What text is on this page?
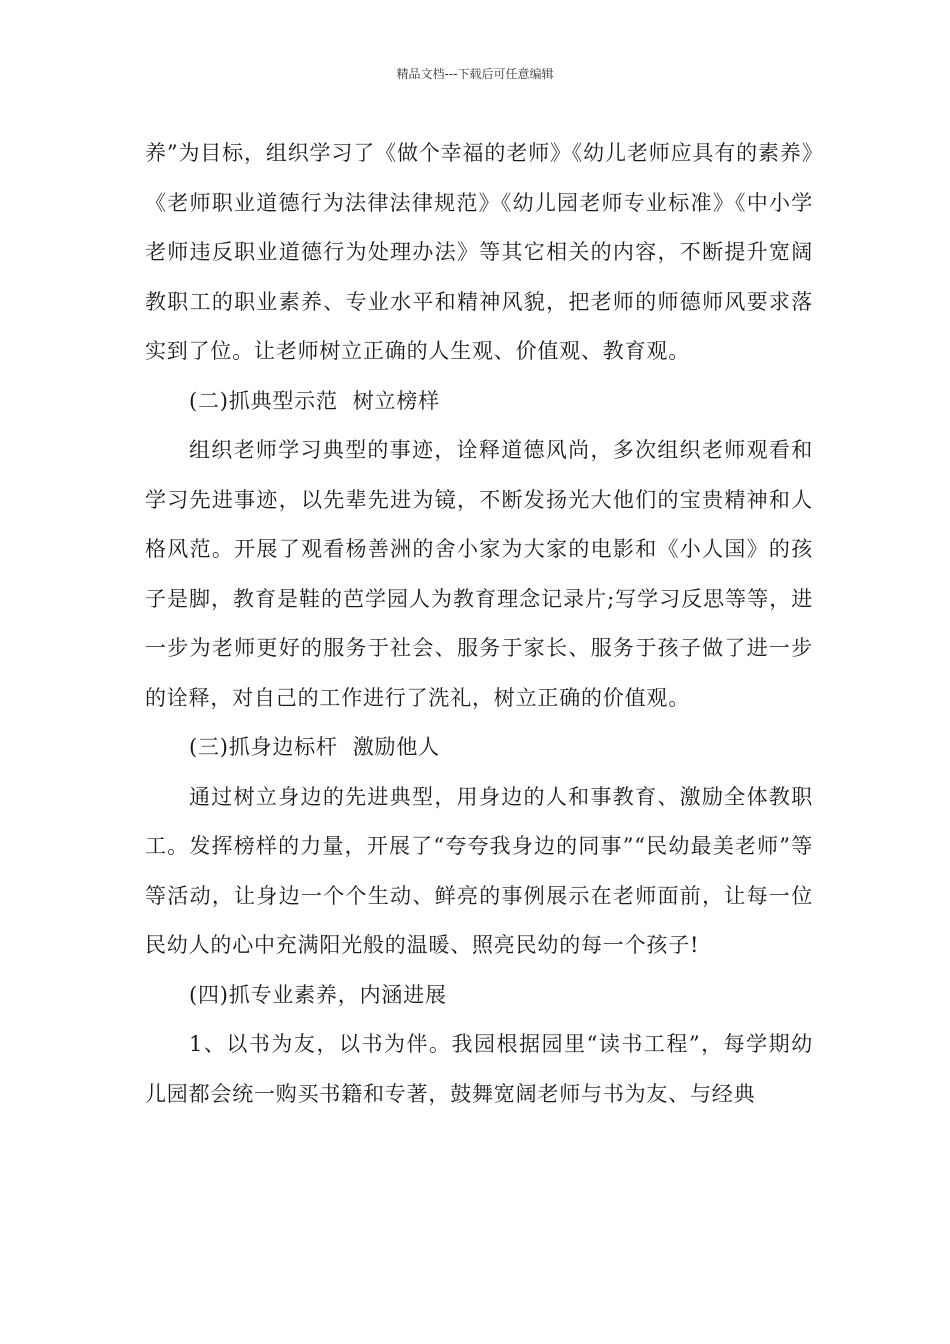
精品文档---下载后可任意编辑

养”为目标，组织学习了《做个幸福的老师》《幼儿老师应具有的素养》《老师职业道德行为法律法律规范》《幼儿园老师专业标准》《中小学老师违反职业道德行为处理办法》等其它相关的内容，不断提升宽阔教职工的职业素养、专业水平和精神风貌，把老师的师德师风要求落实到了位。让老师树立正确的人生观、价值观、教育观。

(二)抓典型示范  树立榜样

组织老师学习典型的事迹，诠释道德风尚，多次组织老师观看和学习先进事迹，以先辈先进为镜，不断发扬光大他们的宝贵精神和人格风范。开展了观看杨善洲的舍小家为大家的电影和《小人国》的孩子是脚，教育是鞋的芭学园人为教育理念记录片;写学习反思等等，进一步为老师更好的服务于社会、服务于家长、服务于孩子做了进一步的诠释，对自己的工作进行了洗礼，树立正确的价值观。

(三)抓身边标杆  激励他人

通过树立身边的先进典型，用身边的人和事教育、激励全体教职工。发挥榜样的力量，开展了“夸夸我身边的同事”“民幼最美老师”等等活动，让身边一个个生动、鲜亮的事例展示在老师面前，让每一位民幼人的心中充满阳光般的温暖、照亮民幼的每一个孩子!

(四)抓专业素养，内涵进展

1、以书为友，以书为伴。我园根据园里“读书工程”，每学期幼儿园都会统一购买书籍和专著，鼓舞宽阔老师与书为友、与经典
